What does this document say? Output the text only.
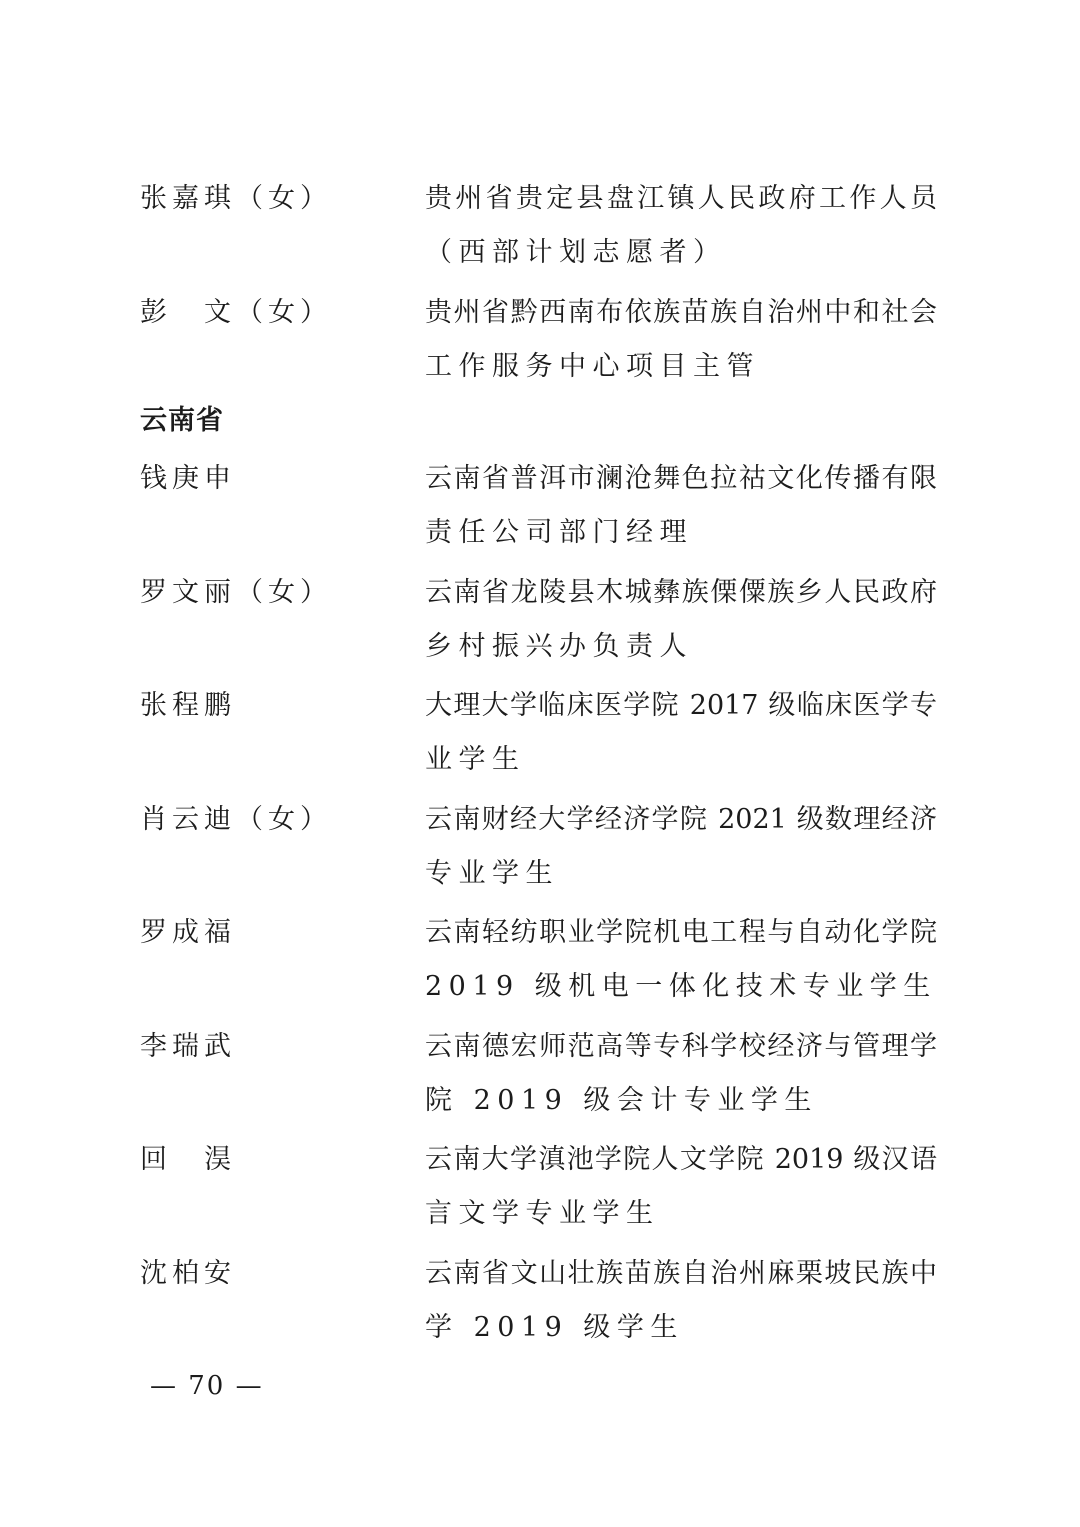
张嘉琪（女）	贵州省贵定县盘江镇人民政府工作人员
（西部计划志愿者）
彭　文（女）	贵州省黔西南布依族苗族自治州中和社会
工作服务中心项目主管
云南省
钱庚申	云南省普洱市澜沧舞色拉祜文化传播有限
责任公司部门经理
罗文丽（女）	云南省龙陵县木城彝族傈僳族乡人民政府
乡村振兴办负责人
张程鹏	大理大学临床医学院 2017 级临床医学专
业学生
肖云迪（女）	云南财经大学经济学院 2021 级数理经济
专业学生
罗成福	云南轻纺职业学院机电工程与自动化学院
2019 级机电一体化技术专业学生
李瑞武	云南德宏师范高等专科学校经济与管理学
院 2019 级会计专业学生
回　淏	云南大学滇池学院人文学院 2019 级汉语
言文学专业学生
沈柏安	云南省文山壮族苗族自治州麻栗坡民族中
学 2019 级学生
— 70 —
